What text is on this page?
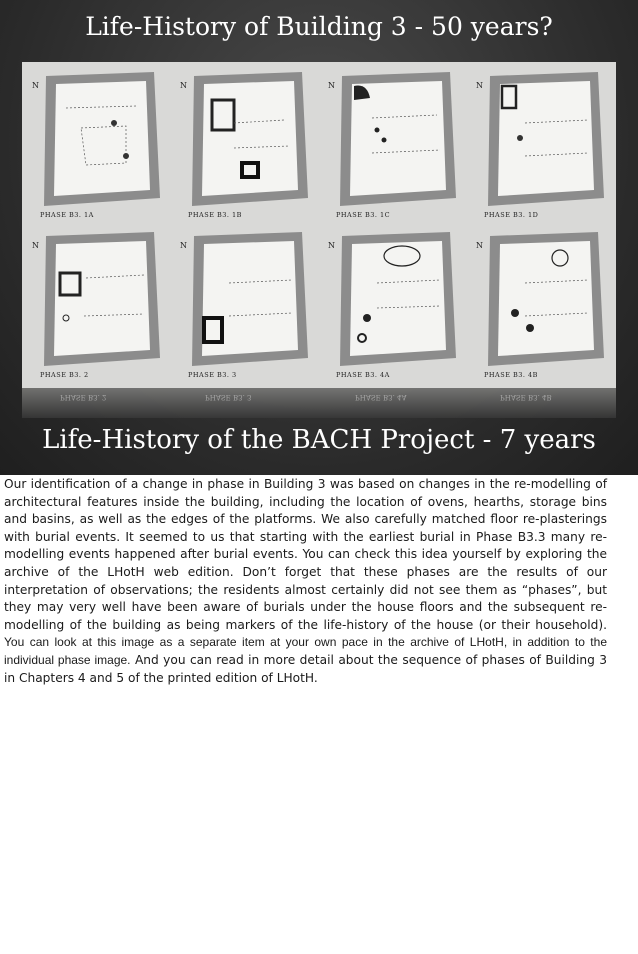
Life-History of Building 3 - 50 years?
N
PHASE B3. 1A
N
PHASE B3. 1B
N
PHASE B3. 1C
N
PHASE B3. 1D
N
PHASE B3. 2
N
PHASE B3. 3
N
PHASE B3. 4A
N
PHASE B3. 4B
PHASE B3. 2	PHASE B3. 3	PHASE B3. 4A	PHASE B3. 4B
Life-History of the BACH Project - 7 years
Our identification of a change in phase in Building 3 was based on changes in the re-modelling of architectural features inside the building, including the location of ovens, hearths, storage bins and basins, as well as the edges of the platforms. We also carefully matched floor re-plasterings with burial events. It seemed to us that starting with the earliest burial in Phase B3.3 many re-modelling events happened after burial events. You can check this idea yourself by exploring the archive of the LHotH web edition. Don’t forget that these phases are the results of our interpretation of observations; the residents almost certainly did not see them as “phases”, but they may very well have been aware of burials under the house floors and the subsequent re-modelling of the building as being markers of the life-history of the house (or their household). You can look at this image as a separate item at your own pace in the archive of LHotH, in addition to the individual phase image. And you can read in more detail about the sequence of phases of Building 3 in Chapters 4 and 5 of the printed edition of LHotH.
